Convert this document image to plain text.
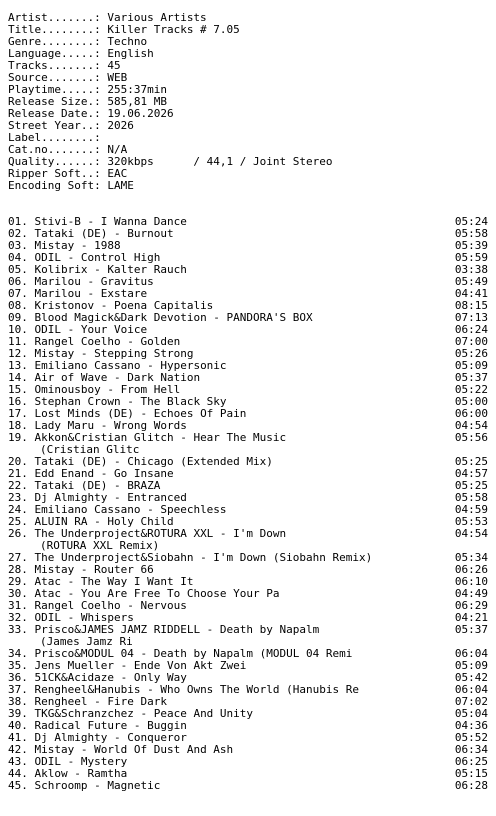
Artist.......: Various Artists
Title........: Killer Tracks # 7.05
Genre........: Techno
Language.....: English
Tracks.......: 45
Source.......: WEB
Playtime.....: 255:37min
Release Size.: 585,81 MB
Release Date.: 19.06.2026
Street Year..: 2026
Label........:
Cat.no.......: N/A
Quality......: 320kbps      / 44,1 / Joint Stereo
Ripper Soft..: EAC
Encoding Soft: LAME
01. Stivi-B - I Wanna Dance	05:24
02. Tataki (DE) - Burnout	05:58
03. Mistay - 1988	05:39
04. ODIL - Control High	05:59
05. Kolibrix - Kalter Rauch	03:38
06. Marilou - Gravitus	05:49
07. Marilou - Exstare	04:41
08. Kristonov - Poena Capitalis	08:15
09. Blood Magick&Dark Devotion - PANDORA'S BOX	07:13
10. ODIL - Your Voice	06:24
11. Rangel Coelho - Golden	07:00
12. Mistay - Stepping Strong	05:26
13. Emiliano Cassano - Hypersonic	05:09
14. Air of Wave - Dark Nation	05:37
15. Ominousboy - From Hell	05:22
16. Stephan Crown - The Black Sky	05:00
17. Lost Minds (DE) - Echoes Of Pain	06:00
18. Lady Maru - Wrong Words	04:54
19. Akkon&Cristian Glitch - Hear The Music	05:56
(Cristian Glitc
20. Tataki (DE) - Chicago (Extended Mix)	05:25
21. Edd Enand - Go Insane	04:57
22. Tataki (DE) - BRAZA	05:25
23. Dj Almighty - Entranced	05:58
24. Emiliano Cassano - Speechless	04:59
25. ALUIN RA - Holy Child	05:53
26. The Underproject&ROTURA XXL - I'm Down	04:54
(ROTURA XXL Remix)
27. The Underproject&Siobahn - I'm Down (Siobahn Remix)	05:34
28. Mistay - Router 66	06:26
29. Atac - The Way I Want It	06:10
30. Atac - You Are Free To Choose Your Pa	04:49
31. Rangel Coelho - Nervous	06:29
32. ODIL - Whispers	04:21
33. Prisco&JAMES JAMZ RIDDELL - Death by Napalm	05:37
(James Jamz Ri
34. Prisco&MODUL 04 - Death by Napalm (MODUL 04 Remi	06:04
35. Jens Mueller - Ende Von Akt Zwei	05:09
36. 51CK&Acidaze - Only Way	05:42
37. Rengheel&Hanubis - Who Owns The World (Hanubis Re	06:04
38. Rengheel - Fire Dark	07:02
39. TKG&Schranzchez - Peace And Unity	05:04
40. Radical Future - Buggin	04:36
41. Dj Almighty - Conqueror	05:52
42. Mistay - World Of Dust And Ash	06:34
43. ODIL - Mystery	06:25
44. Aklow - Ramtha	05:15
45. Schroomp - Magnetic	06:28
